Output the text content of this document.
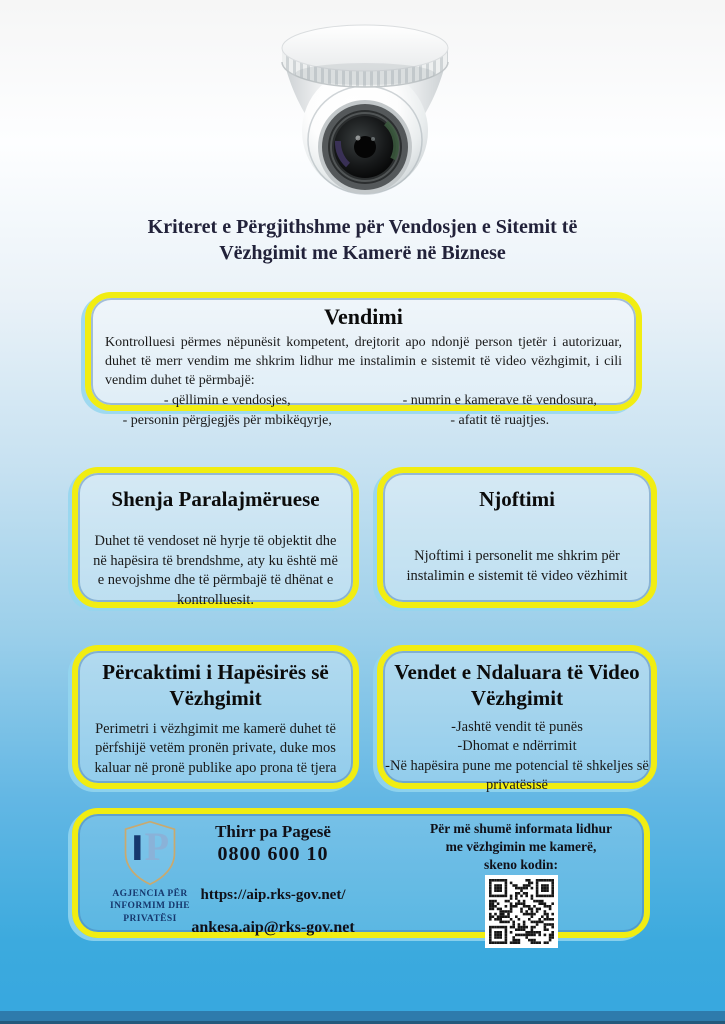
Kriteret e Përgjithshme për Vendosjen e Sitemit të
Vëzhgimit me Kamerë në Biznese
Vendimi
Kontrolluesi përmes nëpunësit kompetent, drejtorit apo ndonjë person tjetër i autorizuar, duhet të merr vendim me shkrim lidhur me instalimin e sistemit të video vëzhgimit, i cili vendim duhet të përmbajë:
- qëllimin e vendosjes,
- personin përgjegjës për mbikëqyrje,
- numrin e kamerave të vendosura,
- afatit të ruajtjes.
Shenja Paralajmëruese
Duhet të vendoset në hyrje të objektit dhe në hapësira të brendshme, aty ku është më e nevojshme dhe të përmbajë të dhënat e kontrolluesit.
Njoftimi
Njoftimi i personelit me shkrim për instalimin e sistemit të video vëzhimit
Përcaktimi i Hapësirës së Vëzhgimit
Perimetri i vëzhgimit me kamerë duhet të përfshijë vetëm pronën private, duke mos kaluar në pronë publike apo prona të tjera
Vendet e Ndaluara të Video Vëzhgimit
-Jashtë vendit të punës
-Dhomat e ndërrimit
-Në hapësira pune me potencial të shkeljes së privatësisë
IP
AGJENCIA PËR
INFORMIM DHE
PRIVATËSI
Thirr pa Pagesë
0800 600 10
https://aip.rks-gov.net/
ankesa.aip@rks-gov.net
Për më shumë informata lidhur
me vëzhgimin me kamerë,
skeno kodin:
